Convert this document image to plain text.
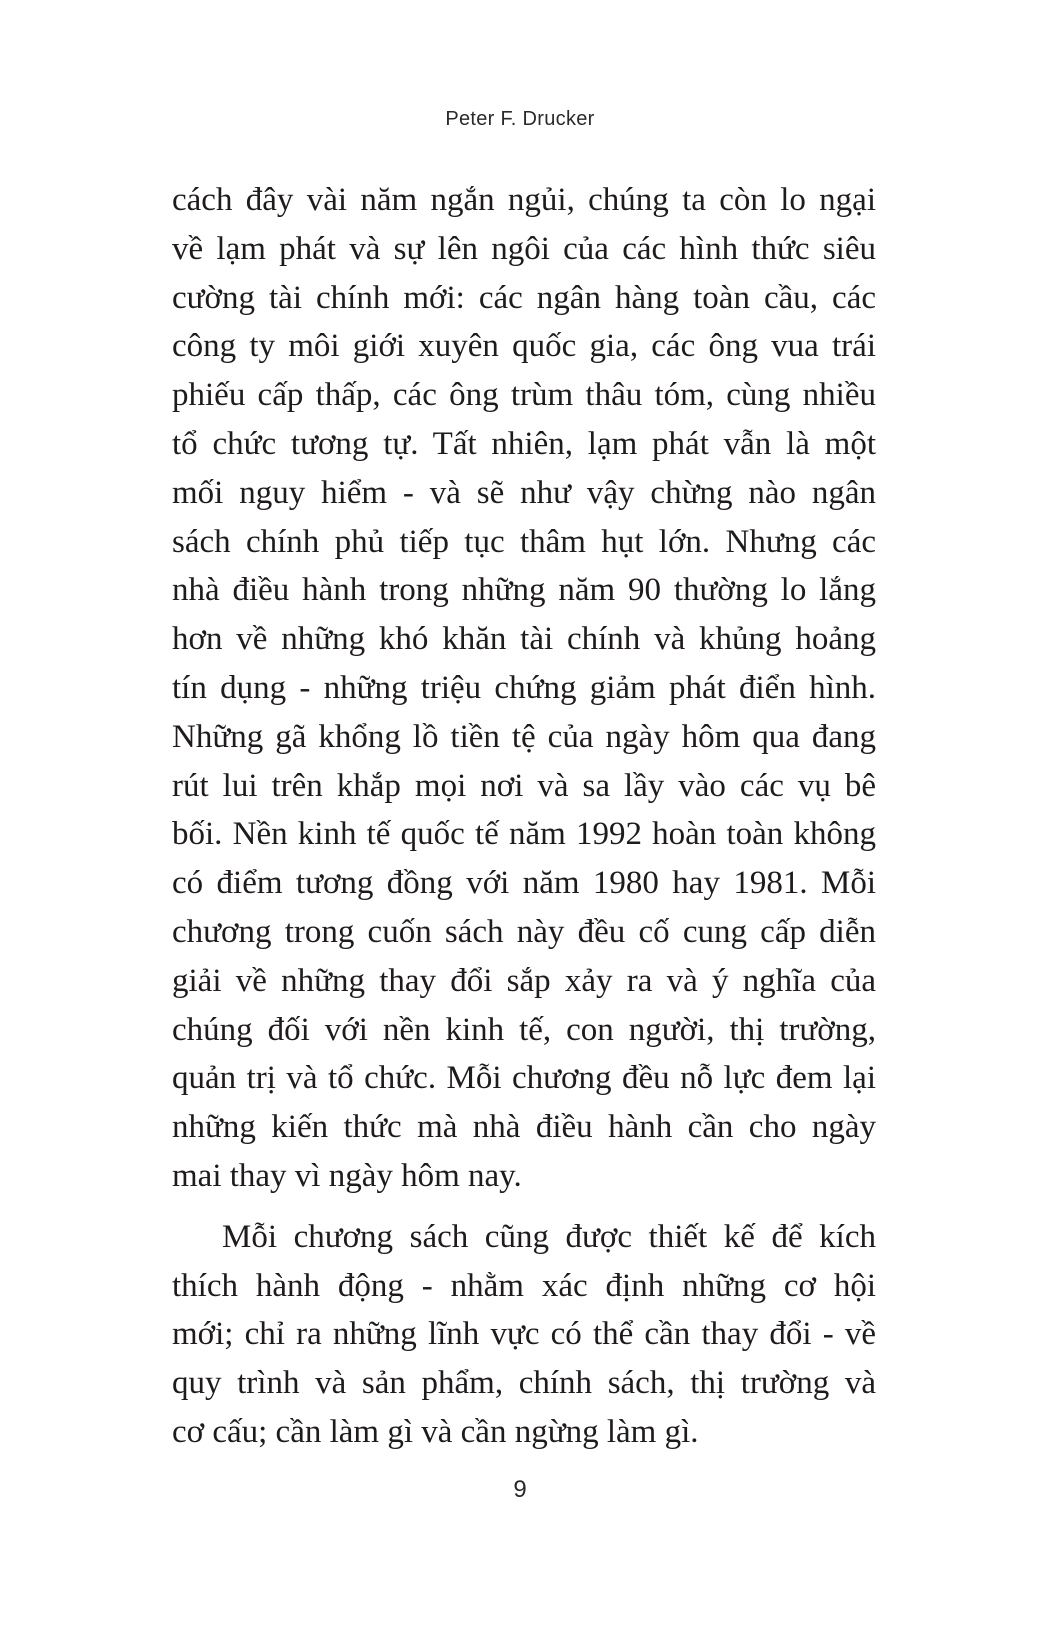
Peter F. Drucker
cách đây vài năm ngắn ngủi, chúng ta còn lo ngại
về lạm phát và sự lên ngôi của các hình thức siêu
cường tài chính mới: các ngân hàng toàn cầu, các
công ty môi giới xuyên quốc gia, các ông vua trái
phiếu cấp thấp, các ông trùm thâu tóm, cùng nhiều
tổ chức tương tự. Tất nhiên, lạm phát vẫn là một
mối nguy hiểm - và sẽ như vậy chừng nào ngân
sách chính phủ tiếp tục thâm hụt lớn. Nhưng các
nhà điều hành trong những năm 90 thường lo lắng
hơn về những khó khăn tài chính và khủng hoảng
tín dụng - những triệu chứng giảm phát điển hình.
Những gã khổng lồ tiền tệ của ngày hôm qua đang
rút lui trên khắp mọi nơi và sa lầy vào các vụ bê
bối. Nền kinh tế quốc tế năm 1992 hoàn toàn không
có điểm tương đồng với năm 1980 hay 1981. Mỗi
chương trong cuốn sách này đều cố cung cấp diễn
giải về những thay đổi sắp xảy ra và ý nghĩa của
chúng đối với nền kinh tế, con người, thị trường,
quản trị và tổ chức. Mỗi chương đều nỗ lực đem lại
những kiến thức mà nhà điều hành cần cho ngày
mai thay vì ngày hôm nay.
Mỗi chương sách cũng được thiết kế để kích
thích hành động - nhằm xác định những cơ hội
mới; chỉ ra những lĩnh vực có thể cần thay đổi - về
quy trình và sản phẩm, chính sách, thị trường và
cơ cấu; cần làm gì và cần ngừng làm gì.
9
